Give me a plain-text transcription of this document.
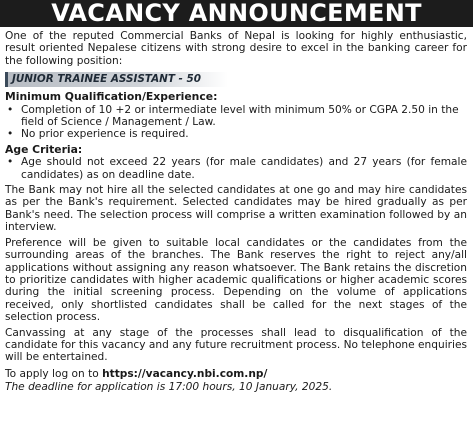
VACANCY ANNOUNCEMENT

One of the reputed Commercial Banks of Nepal is looking for highly enthusiastic, result oriented Nepalese citizens with strong desire to excel in the banking career for the following position:

JUNIOR TRAINEE ASSISTANT - 50
Minimum Qualification/Experience:
• Completion of 10 +2 or intermediate level with minimum 50% or CGPA 2.50 in the field of Science / Management / Law.
• No prior experience is required.
Age Criteria:
• Age should not exceed 22 years (for male candidates) and 27 years (for female candidates) as on deadline date.

The Bank may not hire all the selected candidates at one go and may hire candidates as per the Bank's requirement. Selected candidates may be hired gradually as per Bank's need. The selection process will comprise a written examination followed by an interview.

Preference will be given to suitable local candidates or the candidates from the surrounding areas of the branches. The Bank reserves the right to reject any/all applications without assigning any reason whatsoever. The Bank retains the discretion to prioritize candidates with higher academic qualifications or higher academic scores during the initial screening process. Depending on the volume of applications received, only shortlisted candidates shall be called for the next stages of the selection process.

Canvassing at any stage of the processes shall lead to disqualification of the candidate for this vacancy and any future recruitment process. No telephone enquiries will be entertained.

To apply log on to https://vacancy.nbi.com.np/

The deadline for application is 17:00 hours, 10 January, 2025.
